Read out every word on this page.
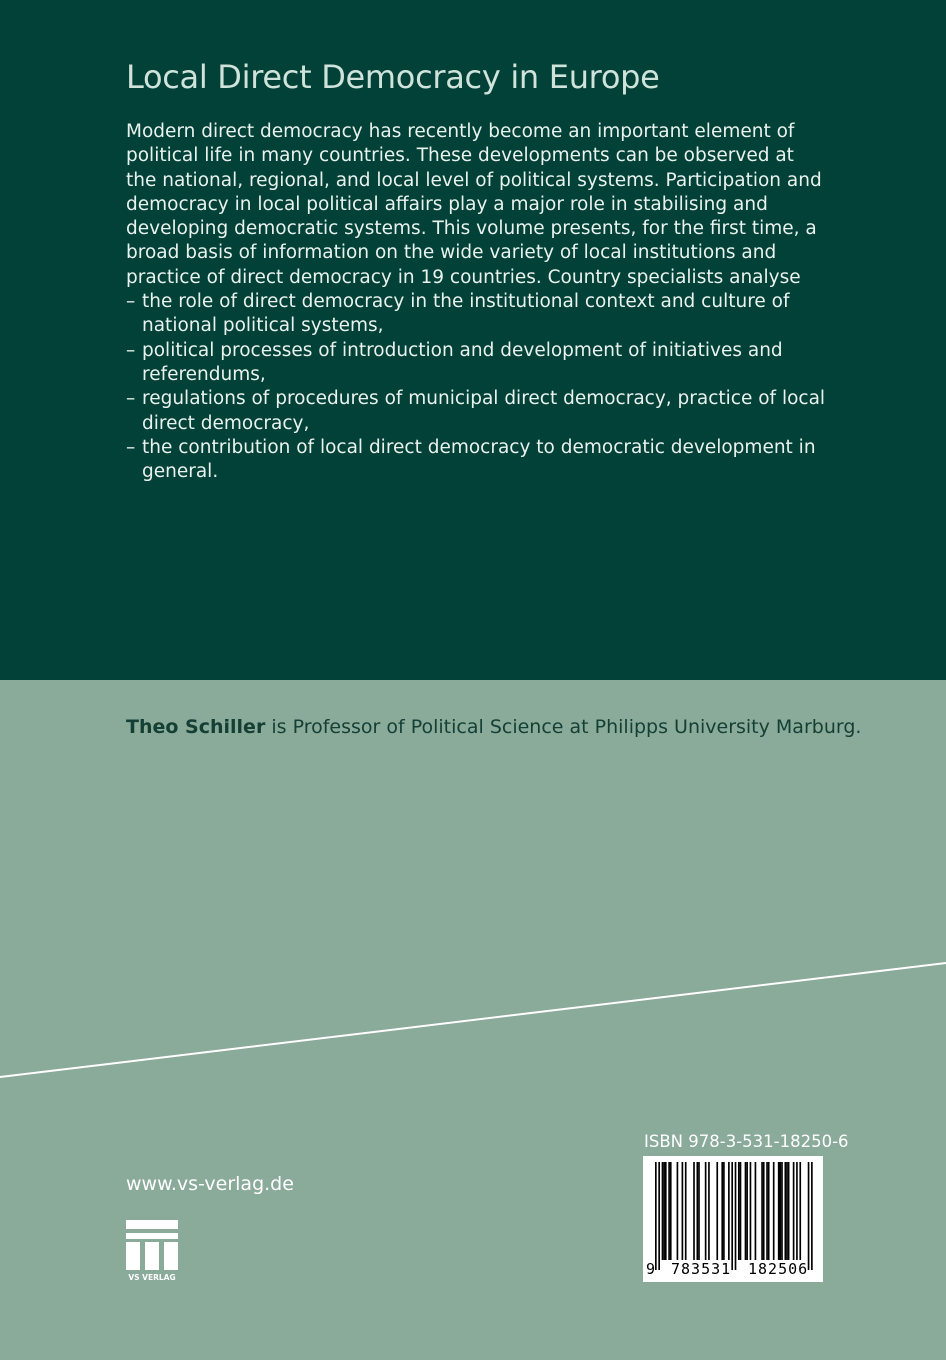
Local Direct Democracy in Europe

Modern direct democracy has recently become an important element of political life in many countries. These developments can be observed at the national, regional, and local level of political systems. Participation and democracy in local political affairs play a major role in stabilising and developing democratic systems. This volume presents, for the first time, a broad basis of information on the wide variety of local institutions and practice of direct democracy in 19 countries. Country specialists analyse

– the role of direct democracy in the institutional context and culture of national political systems,
– political processes of introduction and development of initiatives and referendums,
– regulations of procedures of municipal direct democracy, practice of local direct democracy,
– the contribution of local direct democracy to democratic development in general.
Theo Schiller is Professor of Political Science at Philipps University Marburg.
ISBN 978-3-531-18250-6
9 783531 182506
www.vs-verlag.de
VS VERLAG
